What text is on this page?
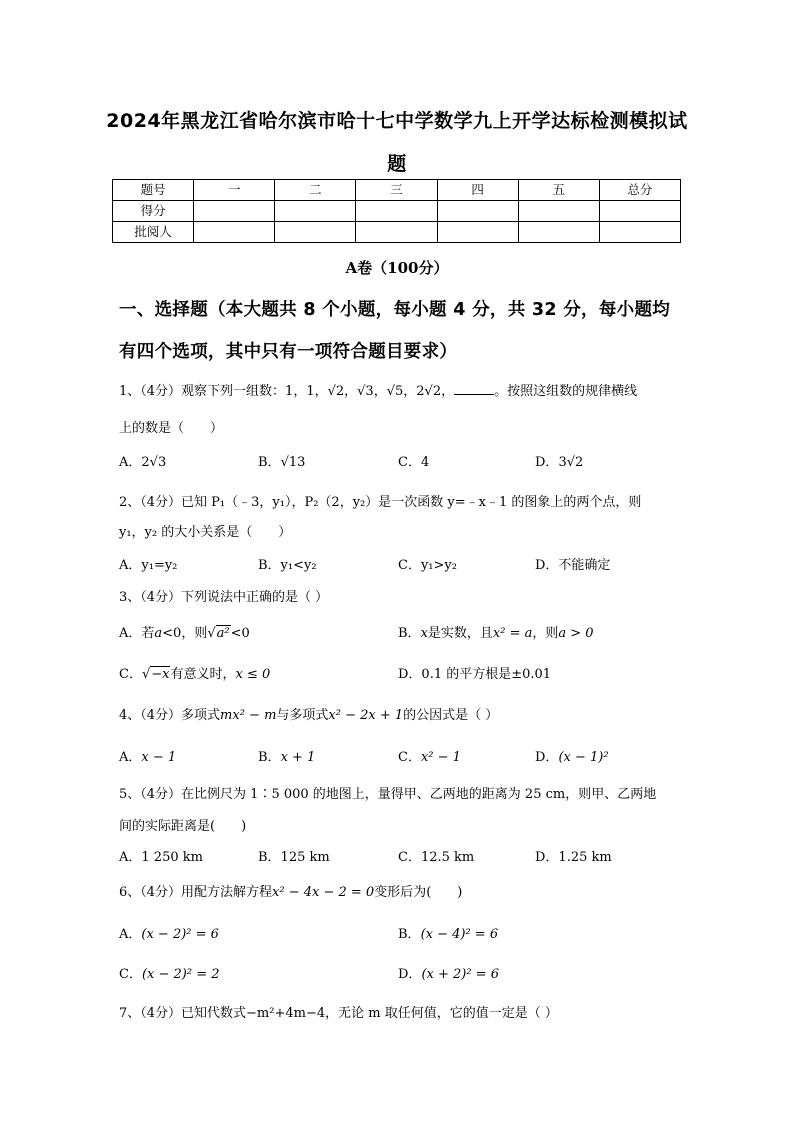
2024年黑龙江省哈尔滨市哈十七中学数学九上开学达标检测模拟试
题
题号	一	二	三	四	五	总分
得分						
批阅人						
A卷（100分）
一、选择题（本大题共 8 个小题，每小题 4 分，共 32 分，每小题均
有四个选项，其中只有一项符合题目要求）
1、（4分）观察下列一组数：1，1，√2，√3，√5，2√2，	。按照这组数的规律横线
上的数是（　　）
A．2√3	B．√13	C．4	D．3√2
2、（4分）已知 P₁（﹣3，y₁），P₂（2，y₂）是一次函数 y=﹣x﹣1 的图象上的两个点，则
y₁，y₂ 的大小关系是（　　）
A．y₁=y₂	B．y₁<y₂	C．y₁>y₂	D．不能确定
3、（4分）下列说法中正确的是（ ）
A．若a<0，则√a²<0	B．x是实数，且x² = a，则a > 0
C．√−x有意义时，x ≤ 0	D．0.1 的平方根是±0.01
4、（4分）多项式mx² − m与多项式x² − 2x + 1的公因式是（ ）
A．x − 1	B．x + 1	C．x² − 1	D．(x − 1)²
5、（4分）在比例尺为 1∶5 000 的地图上，量得甲、乙两地的距离为 25 cm，则甲、乙两地
间的实际距离是(　　)
A．1 250 km	B．125 km	C．12.5 km	D．1.25 km
6、（4分）用配方法解方程x² − 4x − 2 = 0变形后为(　　)
A．(x − 2)² = 6	B．(x − 4)² = 6
C．(x − 2)² = 2	D．(x + 2)² = 6
7、（4分）已知代数式−m²+4m−4，无论 m 取任何值，它的值一定是（ ）
